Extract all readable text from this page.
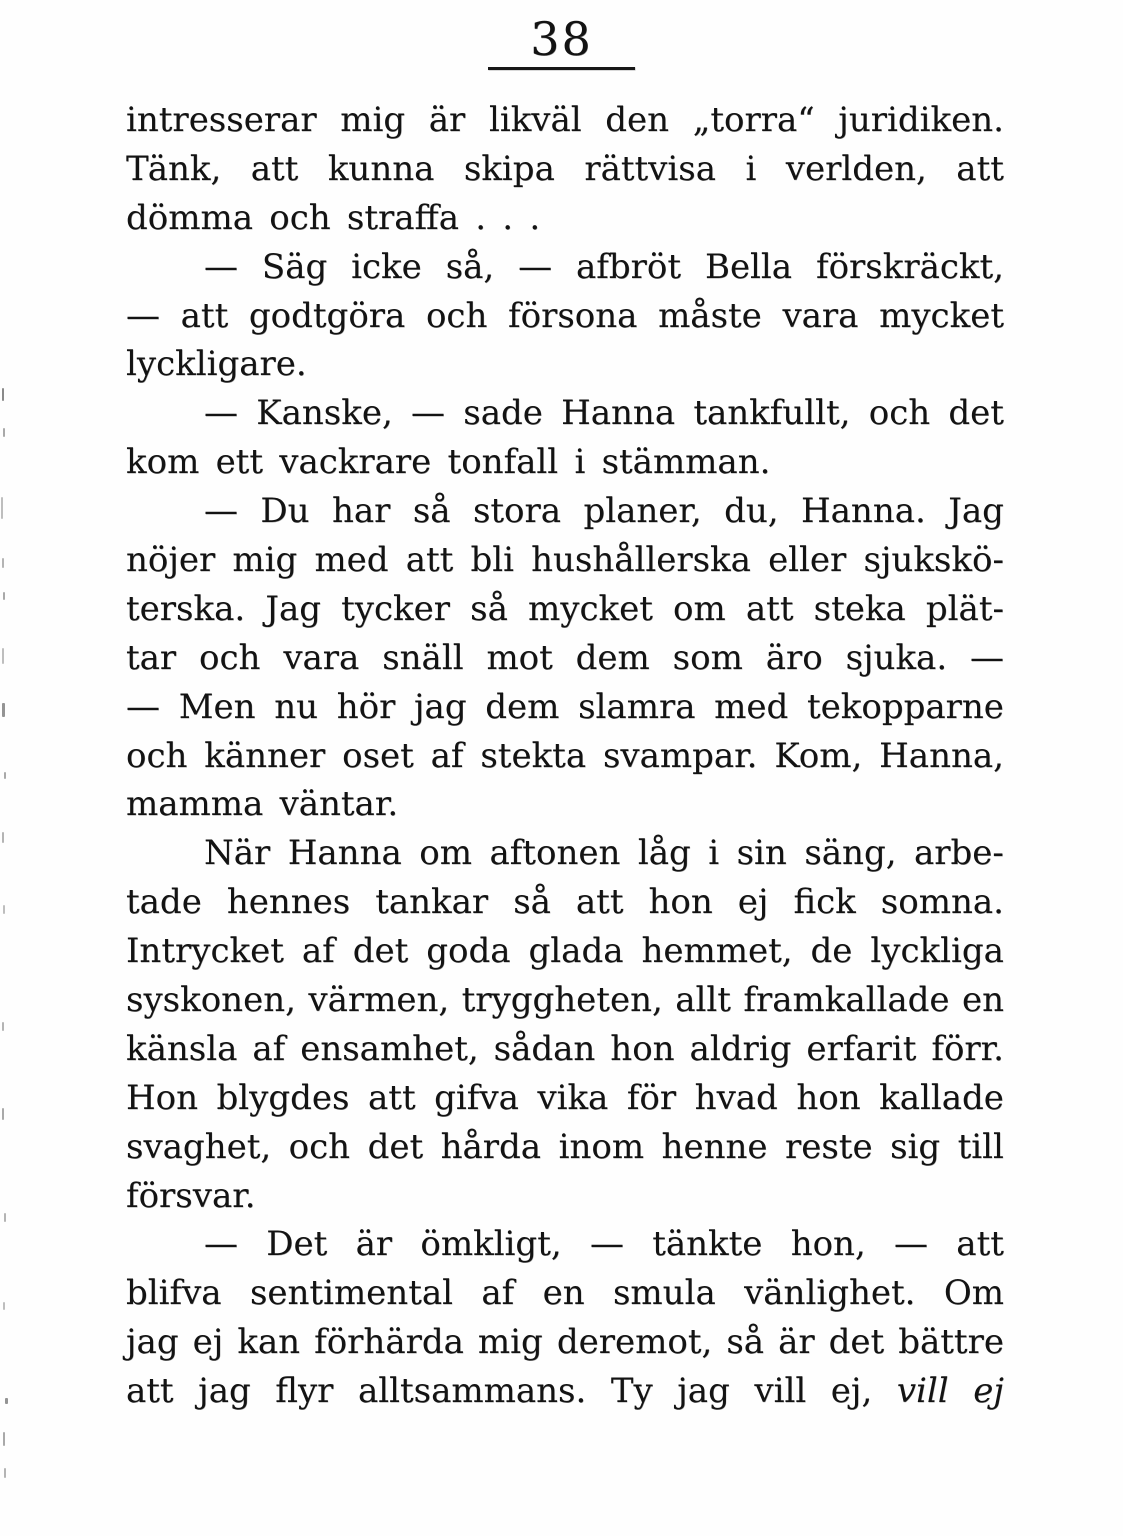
38
intresserar mig är likväl den „torra“ juridiken.
Tänk, att kunna skipa rättvisa i verlden, att
dömma och straffa . . .
— Säg icke så, — afbröt Bella förskräckt,
— att godtgöra och försona måste vara mycket
lyckligare.
— Kanske, — sade Hanna tankfullt, och det
kom ett vackrare tonfall i stämman.
— Du har så stora planer, du, Hanna. Jag
nöjer mig med att bli hushållerska eller sjukskö-
terska. Jag tycker så mycket om att steka plät-
tar och vara snäll mot dem som äro sjuka. —
— Men nu hör jag dem slamra med tekopparne
och känner oset af stekta svampar. Kom, Hanna,
mamma väntar.
När Hanna om aftonen låg i sin säng, arbe-
tade hennes tankar så att hon ej fick somna.
Intrycket af det goda glada hemmet, de lyckliga
syskonen, värmen, tryggheten, allt framkallade en
känsla af ensamhet, sådan hon aldrig erfarit förr.
Hon blygdes att gifva vika för hvad hon kallade
svaghet, och det hårda inom henne reste sig till
försvar.
— Det är ömkligt, — tänkte hon, — att
blifva sentimental af en smula vänlighet. Om
jag ej kan förhärda mig deremot, så är det bättre
att jag flyr alltsammans. Ty jag vill ej, vill ej
